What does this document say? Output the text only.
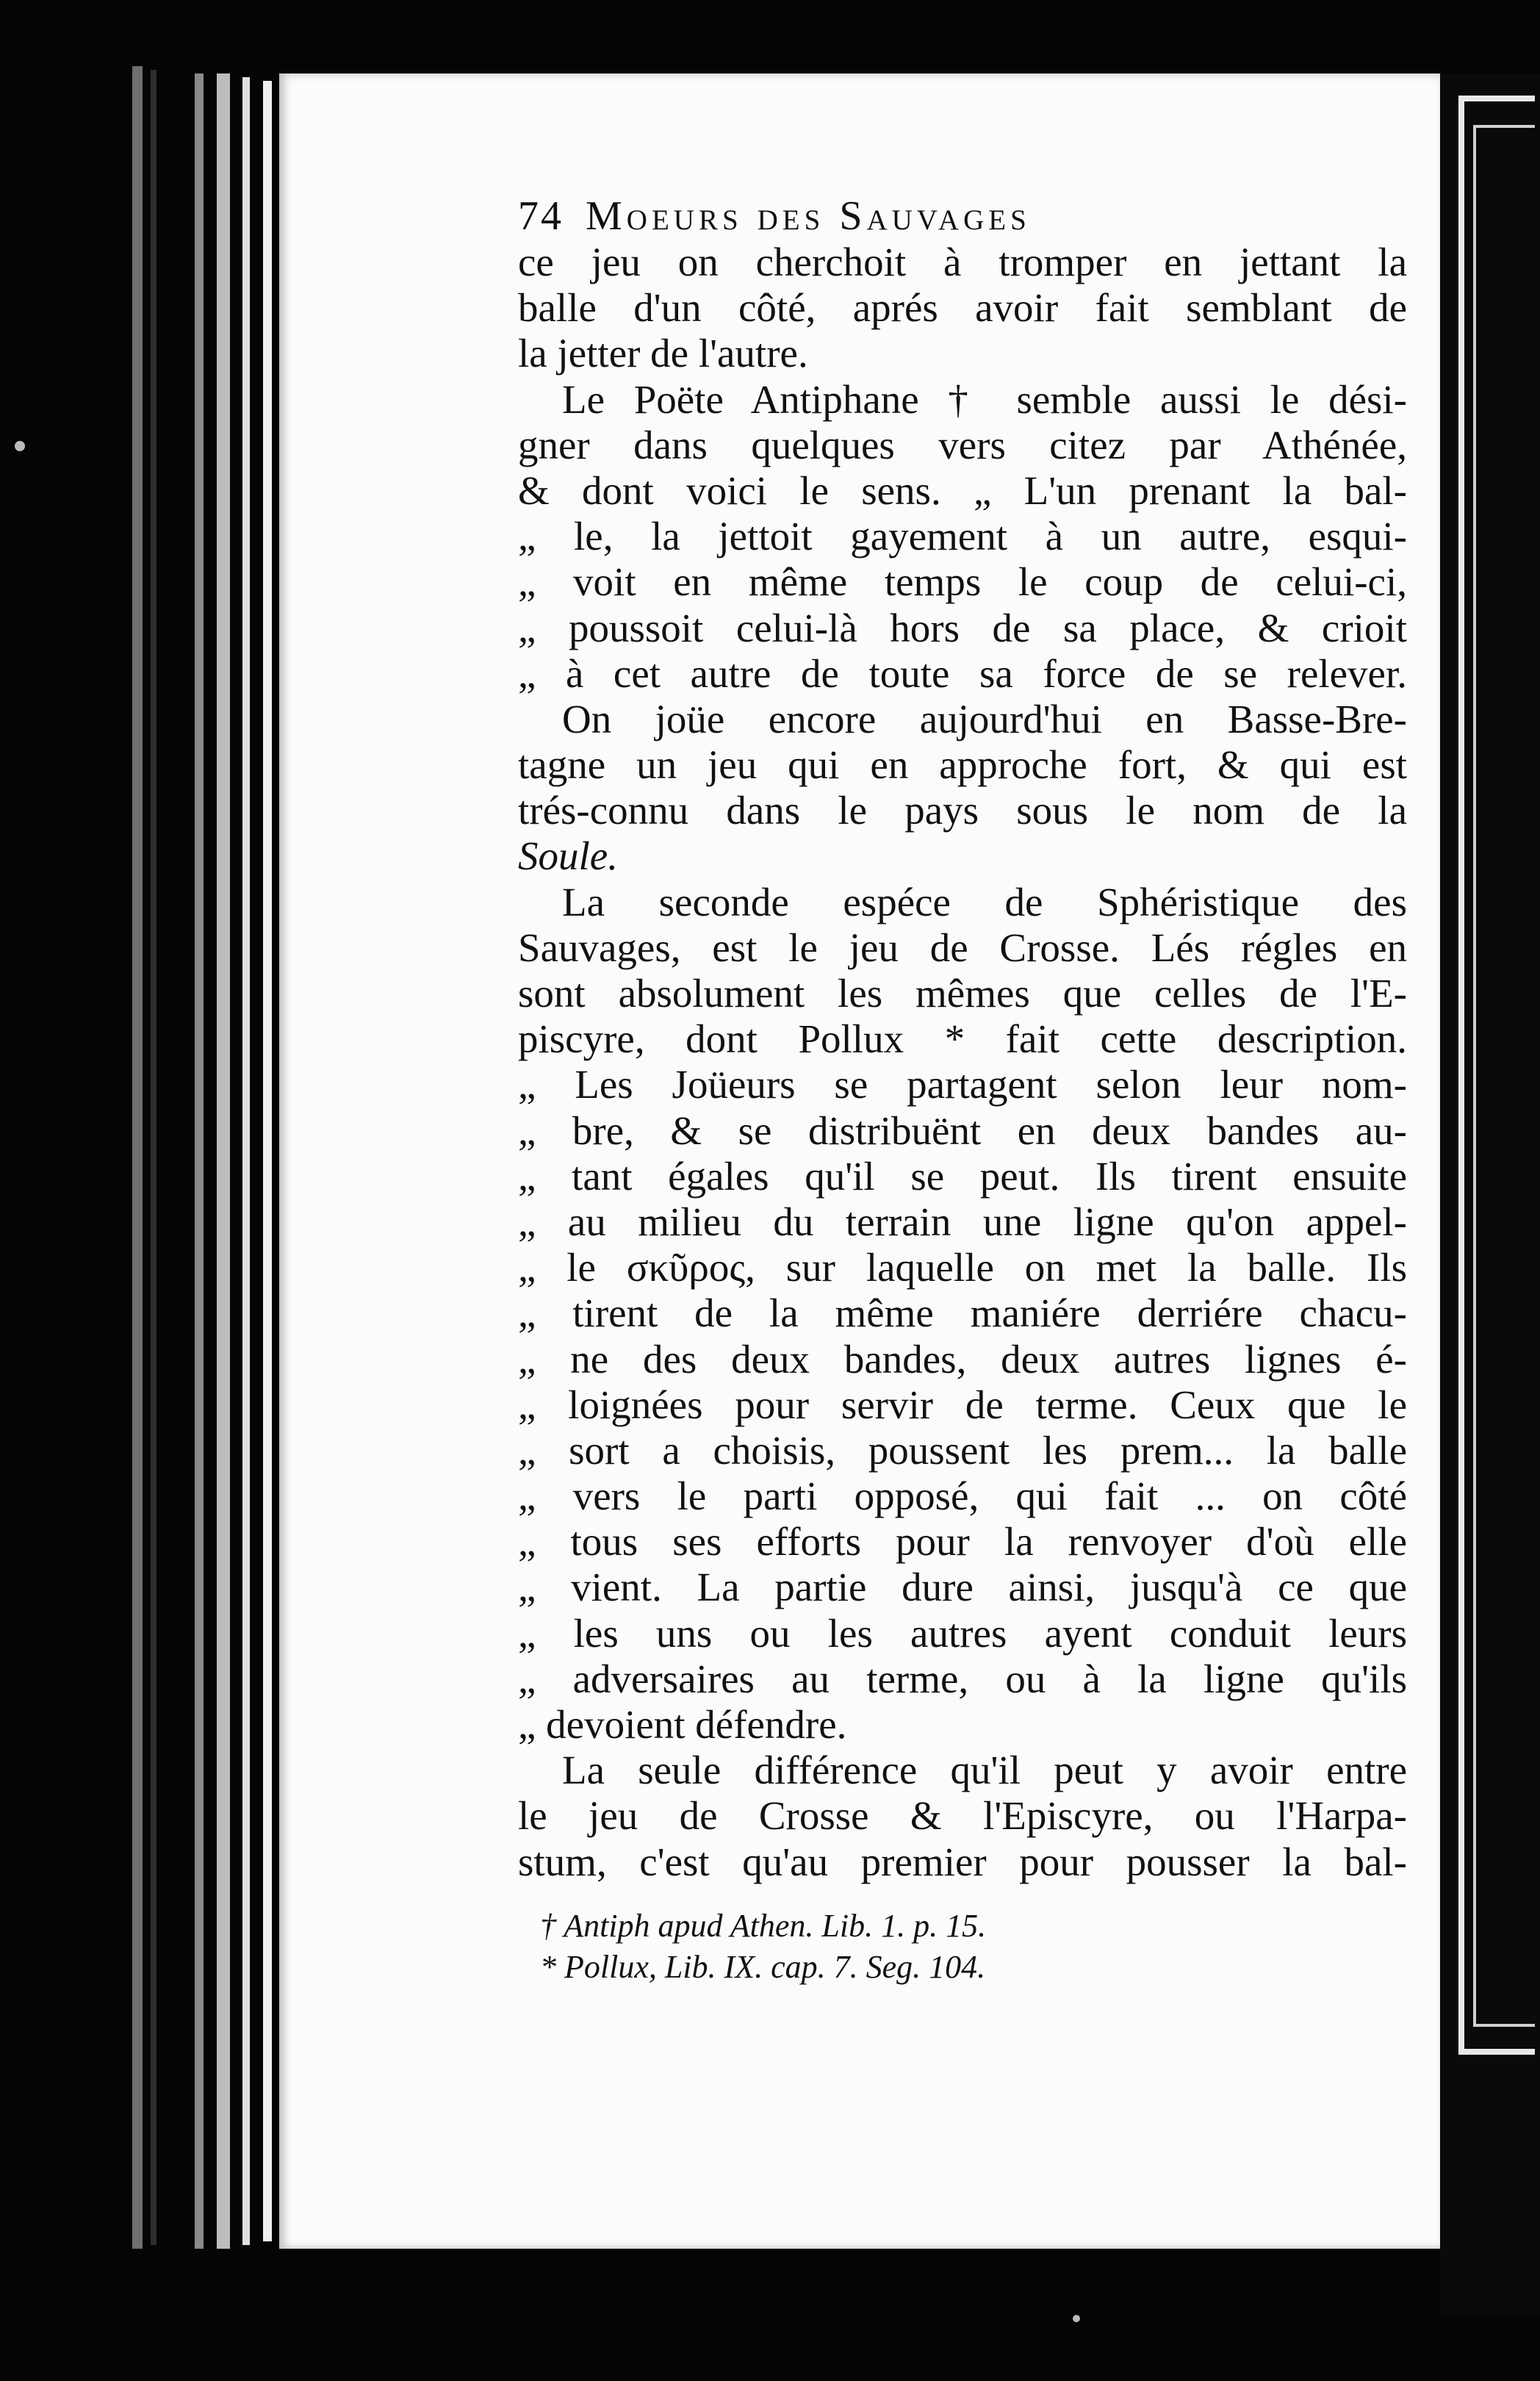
74 Moeurs des Sauvages
ce jeu on cherchoit à tromper en jettant la
balle d'un côté, aprés avoir fait semblant de
la jetter de l'autre.
Le Poëte Antiphane † semble aussi le dési-
gner dans quelques vers citez par Athénée,
& dont voici le sens. „ L'un prenant la bal-
„ le, la jettoit gayement à un autre, esqui-
„ voit en même temps le coup de celui-ci,
„ poussoit celui-là hors de sa place, & crioit
„ à cet autre de toute sa force de se relever.
On joüe encore aujourd'hui en Basse-Bre-
tagne un jeu qui en approche fort, & qui est
trés-connu dans le pays sous le nom de la
Soule.
La seconde espéce de Sphéristique des
Sauvages, est le jeu de Crosse. Lés régles en
sont absolument les mêmes que celles de l'E-
piscyre, dont Pollux * fait cette description.
„ Les Joüeurs se partagent selon leur nom-
„ bre, & se distribuënt en deux bandes au-
„ tant égales qu'il se peut. Ils tirent ensuite
„ au milieu du terrain une ligne qu'on appel-
„ le σκῦρος, sur laquelle on met la balle. Ils
„ tirent de la même maniére derriére chacu-
„ ne des deux bandes, deux autres lignes é-
„ loignées pour servir de terme. Ceux que le
„ sort a choisis, poussent les prem... la balle
„ vers le parti opposé, qui fait ... on côté
„ tous ses efforts pour la renvoyer d'où elle
„ vient. La partie dure ainsi, jusqu'à ce que
„ les uns ou les autres ayent conduit leurs
„ adversaires au terme, ou à la ligne qu'ils
„ devoient défendre.
La seule différence qu'il peut y avoir entre
le jeu de Crosse & l'Episcyre, ou l'Harpa-
stum, c'est qu'au premier pour pousser la bal-
† Antiph apud Athen. Lib. 1. p. 15.
* Pollux, Lib. IX. cap. 7. Seg. 104.
